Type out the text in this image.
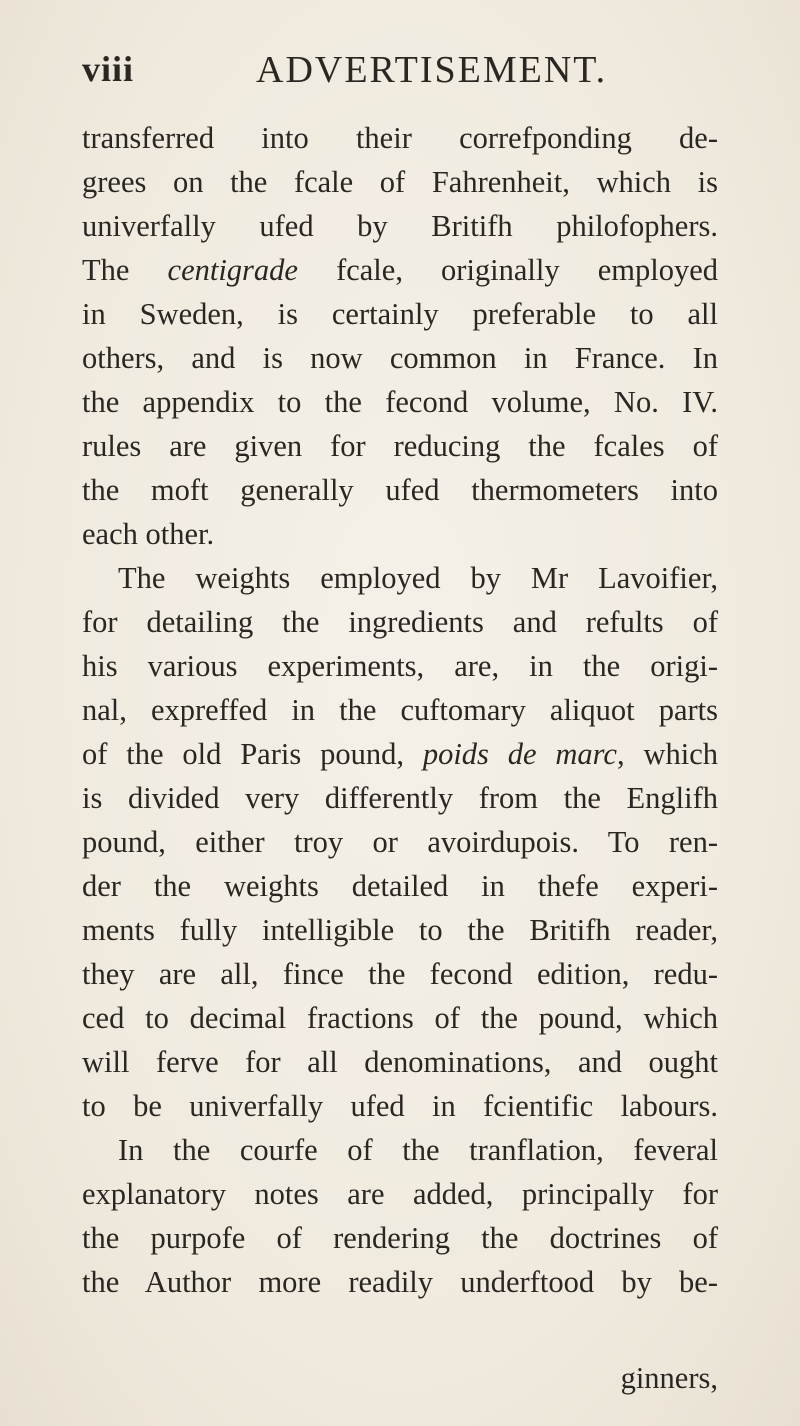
viii	ADVERTISEMENT.
transferred into their correfponding de-
grees on the fcale of Fahrenheit, which is
univerfally ufed by Britifh philofophers.
The centigrade fcale, originally employed
in Sweden, is certainly preferable to all
others, and is now common in France. In
the appendix to the fecond volume, No. IV.
rules are given for reducing the fcales of
the moft generally ufed thermometers into
each other.
The weights employed by Mr Lavoifier,
for detailing the ingredients and refults of
his various experiments, are, in the origi-
nal, expreffed in the cuftomary aliquot parts
of the old Paris pound, poids de marc, which
is divided very differently from the Englifh
pound, either troy or avoirdupois. To ren-
der the weights detailed in thefe experi-
ments fully intelligible to the Britifh reader,
they are all, fince the fecond edition, redu-
ced to decimal fractions of the pound, which
will ferve for all denominations, and ought
to be univerfally ufed in fcientific labours.
In the courfe of the tranflation, feveral
explanatory notes are added, principally for
the purpofe of rendering the doctrines of
the Author more readily underftood by be-
ginners,
